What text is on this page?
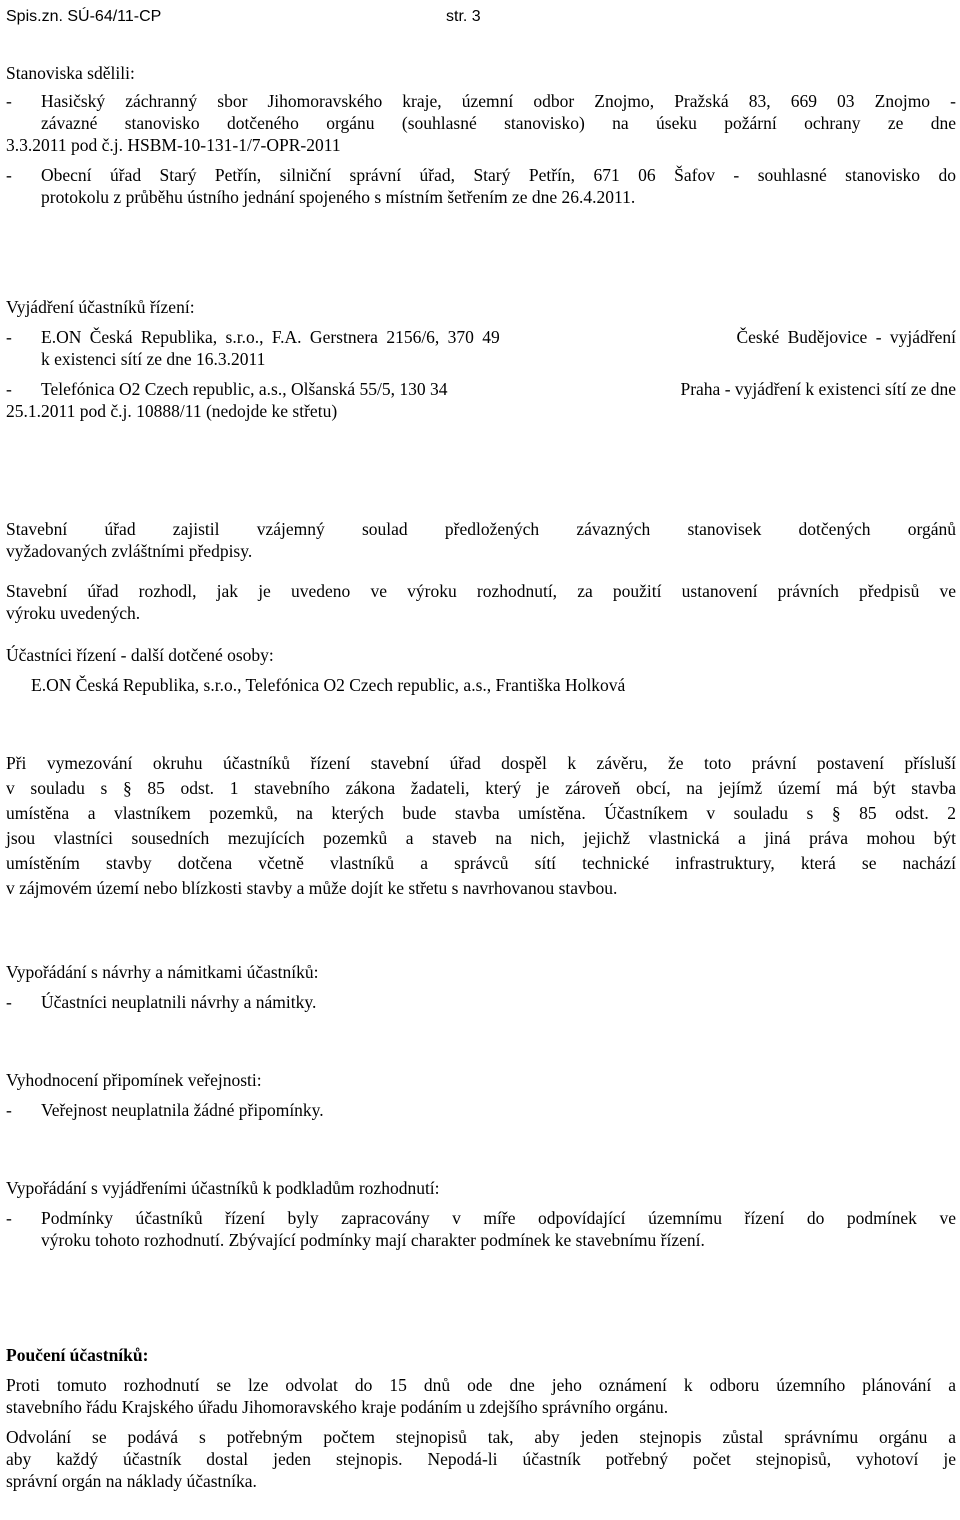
Spis.zn. SÚ-64/11-CP	str. 3
Stanoviska sdělili:
- Hasičský záchranný sbor Jihomoravského kraje, územní odbor Znojmo, Pražská 83, 669 03 Znojmo -
závazné stanovisko dotčeného orgánu (souhlasné stanovisko) na úseku požární ochrany ze dne
3.3.2011 pod č.j. HSBM-10-131-1/7-OPR-2011
- Obecní úřad Starý Petřín, silniční správní úřad, Starý Petřín, 671 06 Šafov - souhlasné stanovisko do
protokolu z průběhu ústního jednání spojeného s místním šetřením ze dne 26.4.2011.
Vyjádření účastníků řízení:
- E.ON Česká Republika, s.r.o., F.A. Gerstnera 2156/6, 370 49	České Budějovice - vyjádření
k existenci sítí ze dne 16.3.2011
- Telefónica O2 Czech republic, a.s., Olšanská 55/5, 130 34	Praha - vyjádření k existenci sítí ze dne
25.1.2011 pod č.j. 10888/11 (nedojde ke střetu)
Stavební úřad zajistil vzájemný soulad předložených závazných stanovisek dotčených orgánů
vyžadovaných zvláštními předpisy.
Stavební úřad rozhodl, jak je uvedeno ve výroku rozhodnutí, za použití ustanovení právních předpisů ve
výroku uvedených.
Účastníci řízení - další dotčené osoby:
E.ON Česká Republika, s.r.o., Telefónica O2 Czech republic, a.s., Františka Holková
Při vymezování okruhu účastníků řízení stavební úřad dospěl k závěru, že toto právní postavení přísluší
v souladu s § 85 odst. 1 stavebního zákona žadateli, který je zároveň obcí, na jejímž území má být stavba
umístěna a vlastníkem pozemků, na kterých bude stavba umístěna. Účastníkem v souladu s § 85 odst. 2
jsou vlastníci sousedních mezujících pozemků a staveb na nich, jejichž vlastnická a jiná práva mohou být
umístěním stavby dotčena včetně vlastníků a správců sítí technické infrastruktury, která se nachází
v zájmovém území nebo blízkosti stavby a může dojít ke střetu s navrhovanou stavbou.
Vypořádání s návrhy a námitkami účastníků:
- Účastníci neuplatnili návrhy a námitky.
Vyhodnocení připomínek veřejnosti:
- Veřejnost neuplatnila žádné připomínky.
Vypořádání s vyjádřeními účastníků k podkladům rozhodnutí:
- Podmínky účastníků řízení byly zapracovány v míře odpovídající územnímu řízení do podmínek ve
výroku tohoto rozhodnutí. Zbývající podmínky mají charakter podmínek ke stavebnímu řízení.
Poučení účastníků:
Proti tomuto rozhodnutí se lze odvolat do 15 dnů ode dne jeho oznámení k odboru územního plánování a
stavebního řádu Krajského úřadu Jihomoravského kraje podáním u zdejšího správního orgánu.
Odvolání se podává s potřebným počtem stejnopisů tak, aby jeden stejnopis zůstal správnímu orgánu a
aby každý účastník dostal jeden stejnopis. Nepodá-li účastník potřebný počet stejnopisů, vyhotoví je
správní orgán na náklady účastníka.
